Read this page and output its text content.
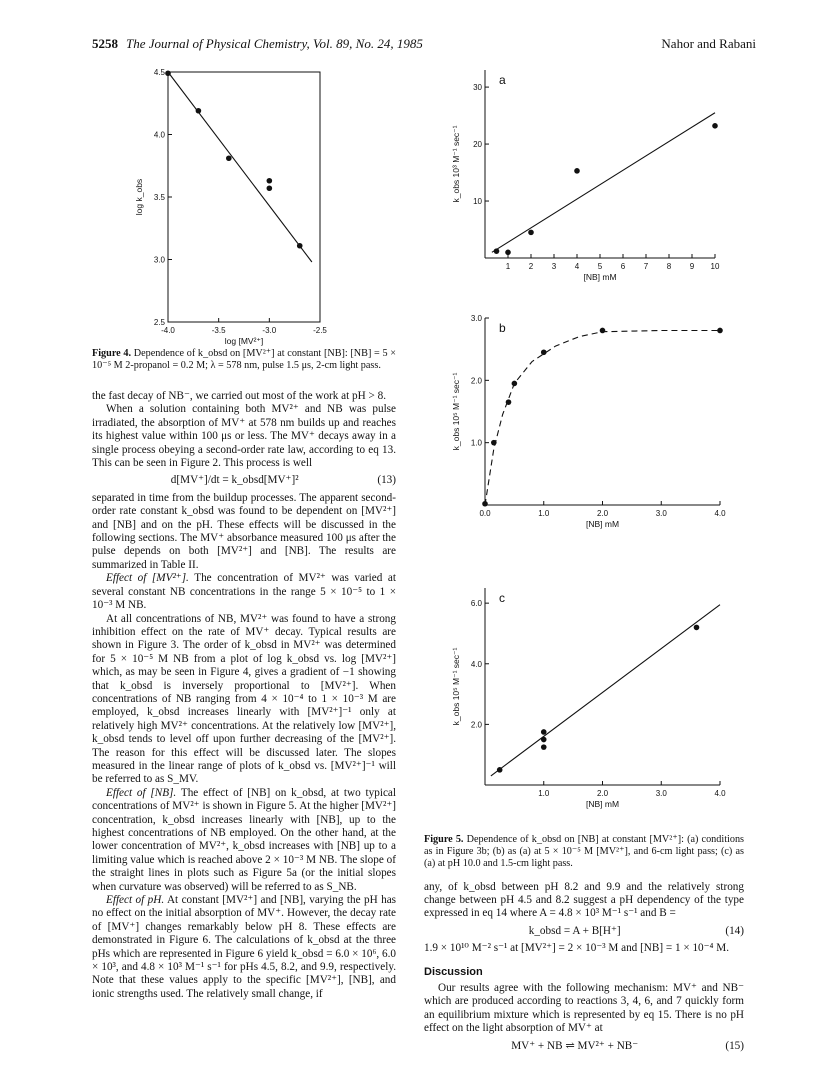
5258 The Journal of Physical Chemistry, Vol. 89, No. 24, 1985	Nahor and Rabani
-4.0	-3.5	-3.0	-2.5
4.5
4.0
3.5
3.0
2.5
log [MV²⁺]
log k_obs
1 2 3 4 5 6 7 8 9 10
10
20
30
[NB] mM
k_obs 10³ M⁻¹ sec⁻¹
a
0.0	1.0	2.0	3.0	4.0
1.0
2.0
3.0
[NB] mM
k_obs 10⁵ M⁻¹ sec⁻¹
b
1.0	2.0	3.0	4.0
2.0
4.0
6.0
[NB] mM
k_obs 10⁵ M⁻¹ sec⁻¹
c
Figure 4. Dependence of k_obsd on [MV²⁺] at constant [NB]: [NB] = 5 × 10⁻⁵ M 2-propanol = 0.2 M; λ = 578 nm, pulse 1.5 μs, 2-cm light pass.

the fast decay of NB⁻, we carried out most of the work at pH > 8.

When a solution containing both MV²⁺ and NB was pulse irradiated, the absorption of MV⁺ at 578 nm builds up and reaches its highest value within 100 μs or less. The MV⁺ decays away in a single process obeying a second-order rate law, according to eq 13. This can be seen in Figure 2. This process is well

d[MV⁺]/dt = k_obsd[MV⁺]²	(13)

separated in time from the buildup processes. The apparent second-order rate constant k_obsd was found to be dependent on [MV²⁺] and [NB] and on the pH. These effects will be discussed in the following sections. The MV⁺ absorbance measured 100 μs after the pulse depends on both [MV²⁺] and [NB]. The results are summarized in Table II.

Effect of [MV²⁺]. The concentration of MV²⁺ was varied at several constant NB concentrations in the range 5 × 10⁻⁵ to 1 × 10⁻³ M NB.

At all concentrations of NB, MV²⁺ was found to have a strong inhibition effect on the rate of MV⁺ decay. Typical results are shown in Figure 3. The order of k_obsd in MV²⁺ was determined for 5 × 10⁻⁵ M NB from a plot of log k_obsd vs. log [MV²⁺] which, as may be seen in Figure 4, gives a gradient of −1 showing that k_obsd is inversely proportional to [MV²⁺]. When concentrations of NB ranging from 4 × 10⁻⁴ to 1 × 10⁻³ M are employed, k_obsd increases linearly with [MV²⁺]⁻¹ only at relatively high MV²⁺ concentrations. At the relatively low [MV²⁺], k_obsd tends to level off upon further decreasing of the [MV²⁺]. The reason for this effect will be discussed later. The slopes measured in the linear range of plots of k_obsd vs. [MV²⁺]⁻¹ will be referred to as S_MV.

Effect of [NB]. The effect of [NB] on k_obsd, at two typical concentrations of MV²⁺ is shown in Figure 5. At the higher [MV²⁺] concentration, k_obsd increases linearly with [NB], up to the highest concentrations of NB employed. On the other hand, at the lower concentration of MV²⁺, k_obsd increases with [NB] up to a limiting value which is reached above 2 × 10⁻³ M NB. The slope of the straight lines in plots such as Figure 5a (or the initial slopes when curvature was observed) will be referred to as S_NB.

Effect of pH. At constant [MV²⁺] and [NB], varying the pH has no effect on the initial absorption of MV⁺. However, the decay rate of [MV⁺] changes remarkably below pH 8. These effects are demonstrated in Figure 6. The calculations of k_obsd at the three pHs which are represented in Figure 6 yield k_obsd = 6.0 × 10⁶, 6.0 × 10³, and 4.8 × 10³ M⁻¹ s⁻¹ for pHs 4.5, 8.2, and 9.9, respectively. Note that these values apply to the specific [MV²⁺], [NB], and ionic strengths used. The relatively small change, if

Figure 5. Dependence of k_obsd on [NB] at constant [MV²⁺]: (a) conditions as in Figure 3b; (b) as (a) at 5 × 10⁻⁵ M [MV²⁺], and 6-cm light pass; (c) as (a) at pH 10.0 and 1.5-cm light pass.

any, of k_obsd between pH 8.2 and 9.9 and the relatively strong change between pH 4.5 and 8.2 suggest a pH dependency of the type expressed in eq 14 where A = 4.8 × 10³ M⁻¹ s⁻¹ and B =

k_obsd = A + B[H⁺]	(14)

1.9 × 10¹⁰ M⁻² s⁻¹ at [MV²⁺] = 2 × 10⁻³ M and [NB] = 1 × 10⁻⁴ M.

Discussion

Our results agree with the following mechanism: MV⁺ and NB⁻ which are produced according to reactions 3, 4, 6, and 7 quickly form an equilibrium mixture which is represented by eq 15. There is no pH effect on the light absorption of MV⁺ at

MV⁺ + NB ⇌ MV²⁺ + NB⁻	(15)
